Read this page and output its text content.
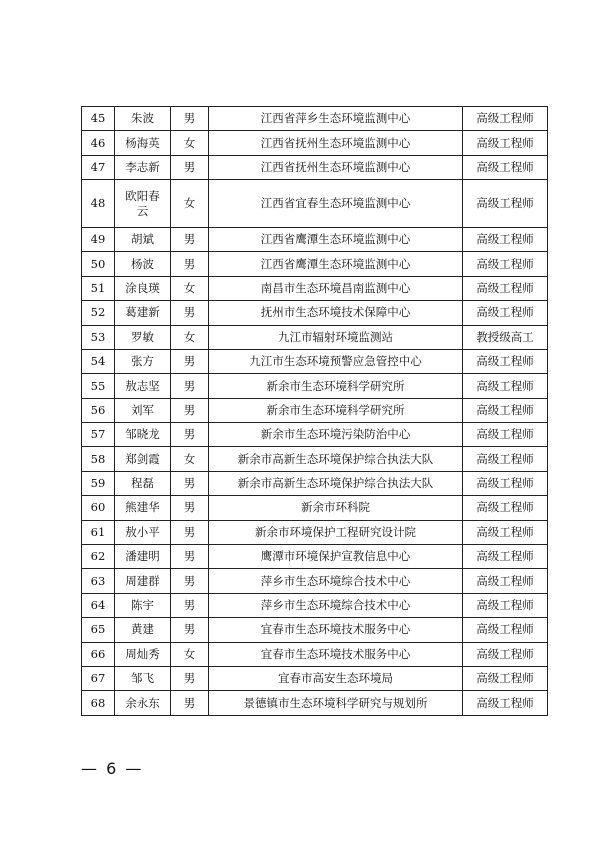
45	朱波	男	江西省萍乡生态环境监测中心	高级工程师
46	杨海英	女	江西省抚州生态环境监测中心	高级工程师
47	李志新	男	江西省抚州生态环境监测中心	高级工程师
48	欧阳春云	女	江西省宜春生态环境监测中心	高级工程师
49	胡斌	男	江西省鹰潭生态环境监测中心	高级工程师
50	杨波	男	江西省鹰潭生态环境监测中心	高级工程师
51	涂良瑛	女	南昌市生态环境昌南监测中心	高级工程师
52	葛建新	男	抚州市生态环境技术保障中心	高级工程师
53	罗敏	女	九江市辐射环境监测站	教授级高工
54	张方	男	九江市生态环境预警应急管控中心	高级工程师
55	敖志坚	男	新余市生态环境科学研究所	高级工程师
56	刘军	男	新余市生态环境科学研究所	高级工程师
57	邹晓龙	男	新余市生态环境污染防治中心	高级工程师
58	郑剑霞	女	新余市高新生态环境保护综合执法大队	高级工程师
59	程磊	男	新余市高新生态环境保护综合执法大队	高级工程师
60	熊建华	男	新余市环科院	高级工程师
61	敖小平	男	新余市环境保护工程研究设计院	高级工程师
62	潘建明	男	鹰潭市环境保护宣教信息中心	高级工程师
63	周建群	男	萍乡市生态环境综合技术中心	高级工程师
64	陈宇	男	萍乡市生态环境综合技术中心	高级工程师
65	黄建	男	宜春市生态环境技术服务中心	高级工程师
66	周灿秀	女	宜春市生态环境技术服务中心	高级工程师
67	邹飞	男	宜春市高安生态环境局	高级工程师
68	余永东	男	景德镇市生态环境科学研究与规划所	高级工程师
— 6 —
